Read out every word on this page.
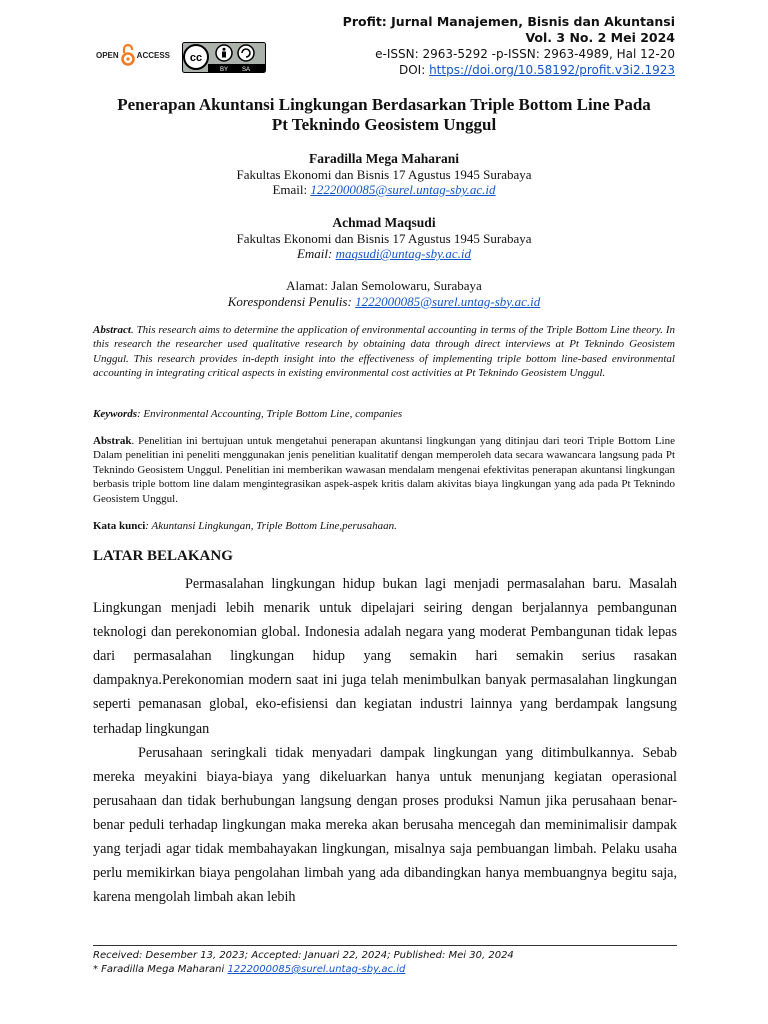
OPEN ACCESS cc
BY SA
Profit: Jurnal Manajemen, Bisnis dan Akuntansi
Vol. 3 No. 2 Mei 2024
e-ISSN: 2963-5292 -p-ISSN: 2963-4989, Hal 12-20
DOI: https://doi.org/10.58192/profit.v3i2.1923
Penerapan Akuntansi Lingkungan Berdasarkan Triple Bottom Line Pada
Pt Teknindo Geosistem Unggul
Faradilla Mega Maharani
Fakultas Ekonomi dan Bisnis 17 Agustus 1945 Surabaya
Email: 1222000085@surel.untag-sby.ac.id
Achmad Maqsudi
Fakultas Ekonomi dan Bisnis 17 Agustus 1945 Surabaya
Email: maqsudi@untag-sby.ac.id
Alamat: Jalan Semolowaru, Surabaya
Korespondensi Penulis: 1222000085@surel.untag-sby.ac.id
Abstract. This research aims to determine the application of environmental accounting in terms of the Triple Bottom Line theory. In this research the researcher used qualitative research by obtaining data through direct interviews at Pt Teknindo Geosistem Unggul. This research provides in-depth insight into the effectiveness of implementing triple bottom line-based environmental accounting in integrating critical aspects in existing environmental cost activities at Pt Teknindo Geosistem Unggul.
Keywords: Environmental Accounting, Triple Bottom Line, companies
Abstrak. Penelitian ini bertujuan untuk mengetahui penerapan akuntansi lingkungan yang ditinjau dari teori Triple Bottom Line Dalam penelitian ini peneliti menggunakan jenis penelitian kualitatif dengan memperoleh data secara wawancara langsung pada Pt Teknindo Geosistem Unggul. Penelitian ini memberikan wawasan mendalam mengenai efektivitas penerapan akuntansi lingkungan berbasis triple bottom line dalam mengintegrasikan aspek-aspek kritis dalam akivitas biaya lingkungan yang ada pada Pt Teknindo Geosistem Unggul.
Kata kunci: Akuntansi Lingkungan, Triple Bottom Line,perusahaan.
LATAR BELAKANG

Permasalahan lingkungan hidup bukan lagi menjadi permasalahan baru. Masalah Lingkungan menjadi lebih menarik untuk dipelajari seiring dengan berjalannya pembangunan teknologi dan perekonomian global. Indonesia adalah negara yang moderat Pembangunan tidak lepas dari permasalahan lingkungan hidup yang semakin hari semakin serius rasakan dampaknya.Perekonomian modern saat ini juga telah menimbulkan banyak permasalahan lingkungan seperti pemanasan global, eko-efisiensi dan kegiatan industri lainnya yang berdampak langsung terhadap lingkungan

Perusahaan seringkali tidak menyadari dampak lingkungan yang ditimbulkannya. Sebab mereka meyakini biaya-biaya yang dikeluarkan hanya untuk menunjang kegiatan operasional perusahaan dan tidak berhubungan langsung dengan proses produksi Namun jika perusahaan benar-benar peduli terhadap lingkungan maka mereka akan berusaha mencegah dan meminimalisir dampak yang terjadi agar tidak membahayakan lingkungan, misalnya saja pembuangan limbah. Pelaku usaha perlu memikirkan biaya pengolahan limbah yang ada dibandingkan hanya membuangnya begitu saja, karena mengolah limbah akan lebih

Received: Desember 13, 2023; Accepted: Januari 22, 2024; Published: Mei 30, 2024
* Faradilla Mega Maharani 1222000085@surel.untag-sby.ac.id
